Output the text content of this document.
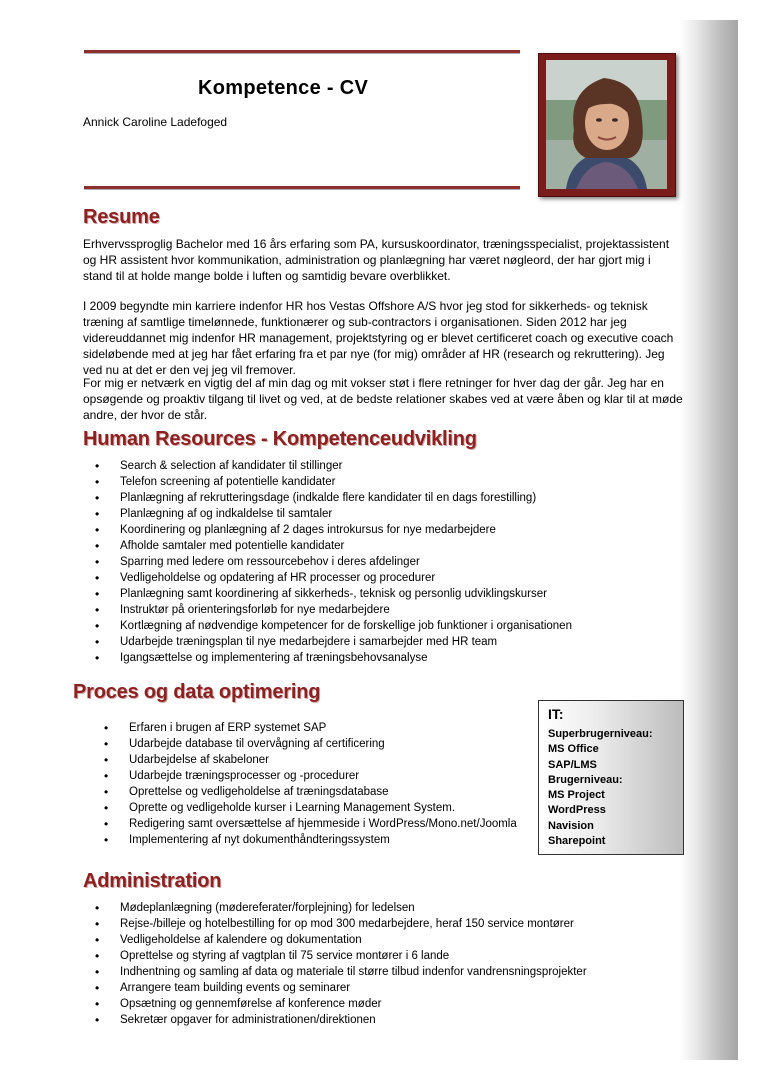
Kompetence - CV
Annick Caroline Ladefoged
Resume
Erhvervssproglig Bachelor med 16 års erfaring som PA, kursuskoordinator, træningsspecialist, projektassistent og HR assistent hvor kommunikation, administration og planlægning har været nøgleord, der har gjort mig i stand til at holde mange bolde i luften og samtidig bevare overblikket.
I 2009 begyndte min karriere indenfor HR hos Vestas Offshore A/S hvor jeg stod for sikkerheds- og teknisk træning af samtlige timelønnede, funktionærer og sub-contractors i organisationen. Siden 2012 har jeg videreuddannet mig indenfor HR management, projektstyring og er blevet certificeret coach og executive coach sideløbende med at jeg har fået erfaring fra et par nye (for mig) områder af HR (research og rekruttering). Jeg ved nu at det er den vej jeg vil fremover.
For mig er netværk en vigtig del af min dag og mit vokser støt i flere retninger for hver dag der går. Jeg har en opsøgende og proaktiv tilgang til livet og ved, at de bedste relationer skabes ved at være åben og klar til at møde andre, der hvor de står.
Human Resources - Kompetenceudvikling
• Search & selection af kandidater til stillinger
• Telefon screening af potentielle kandidater
• Planlægning af rekrutteringsdage (indkalde flere kandidater til en dags forestilling)
• Planlægning af og indkaldelse til samtaler
• Koordinering og planlægning af 2 dages introkursus for nye medarbejdere
• Afholde samtaler med potentielle kandidater
• Sparring med ledere om ressourcebehov i deres afdelinger
• Vedligeholdelse og opdatering af HR processer og procedurer
• Planlægning samt koordinering af sikkerheds-, teknisk og personlig udviklingskurser
• Instruktør på orienteringsforløb for nye medarbejdere
• Kortlægning af nødvendige kompetencer for de forskellige job funktioner i organisationen
• Udarbejde træningsplan til nye medarbejdere i samarbejder med HR team
• Igangsættelse og implementering af træningsbehovsanalyse
Proces og data optimering
• Erfaren i brugen af ERP systemet SAP
• Udarbejde database til overvågning af certificering
• Udarbejdelse af skabeloner
• Udarbejde træningsprocesser og -procedurer
• Oprettelse og vedligeholdelse af træningsdatabase
• Oprette og vedligeholde kurser i Learning Management System.
• Redigering samt oversættelse af hjemmeside i WordPress/Mono.net/Joomla
• Implementering af nyt dokumenthåndteringssystem
IT:
Superbrugerniveau:
MS Office
SAP/LMS
Brugerniveau:
MS Project
WordPress
Navision
Sharepoint
Administration
• Mødeplanlægning (mødereferater/forplejning) for ledelsen
• Rejse-/billeje og hotelbestilling for op mod 300 medarbejdere, heraf 150 service montører
• Vedligeholdelse af kalendere og dokumentation
• Oprettelse og styring af vagtplan til 75 service montører i 6 lande
• Indhentning og samling af data og materiale til større tilbud indenfor vandrensningsprojekter
• Arrangere team building events og seminarer
• Opsætning og gennemførelse af konference møder
• Sekretær opgaver for administrationen/direktionen
